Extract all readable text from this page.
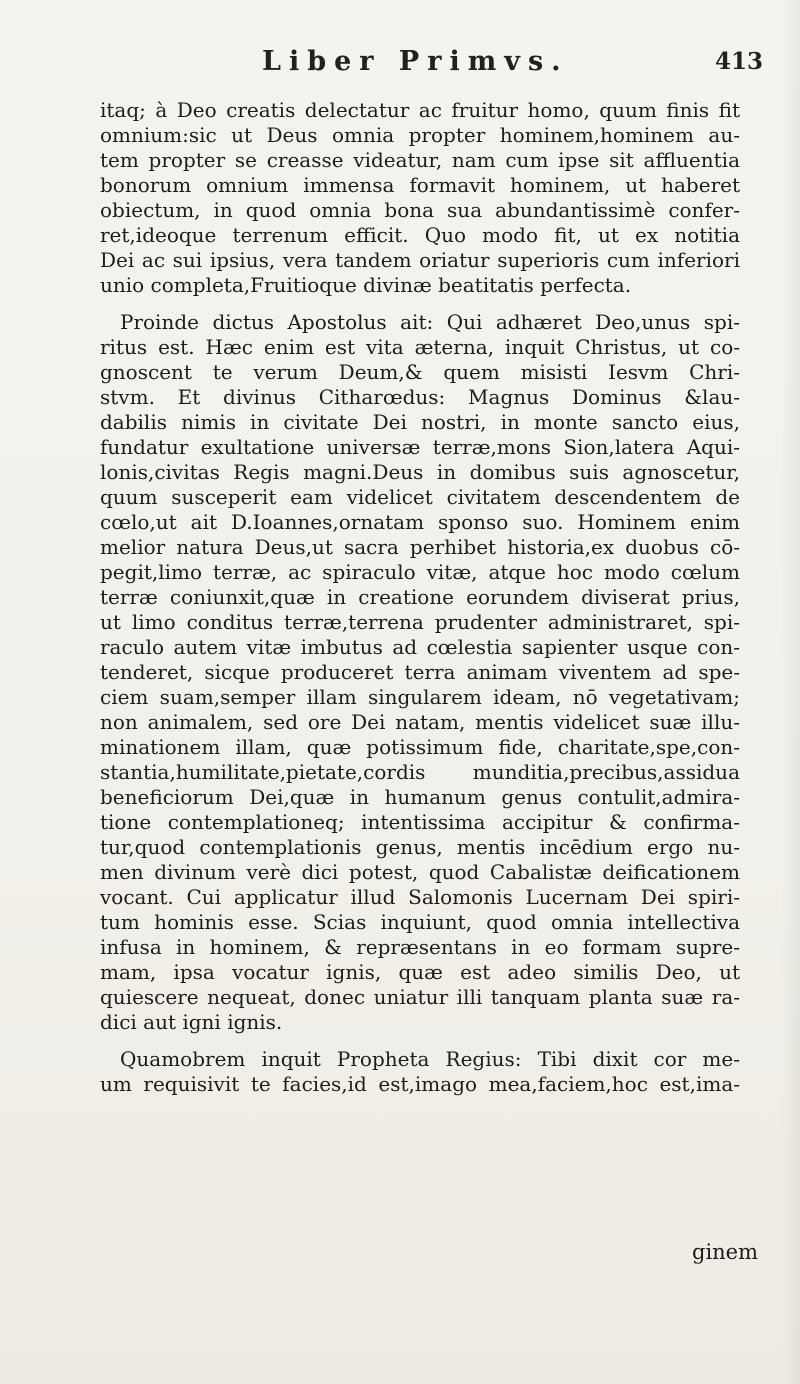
Liber Primvs.	413
itaq; à Deo creatis delectatur ac fruitur homo, quum finis fit
omnium:sic ut Deus omnia propter hominem,hominem au-
tem propter se creasse videatur, nam cum ipse sit affluentia
bonorum omnium immensa formavit hominem, ut haberet
obiectum, in quod omnia bona sua abundantissimè confer-
ret,ideoque terrenum efficit. Quo modo fit, ut ex notitia
Dei ac sui ipsius, vera tandem oriatur superioris cum inferiori
unio completa,Fruitioque divinæ beatitatis perfecta.
Proinde dictus Apostolus ait: Qui adhæret Deo,unus spi-
ritus est. Hæc enim est vita æterna, inquit Christus, ut co-
gnoscent te verum Deum,& quem misisti Iesvm Chri-
stvm. Et divinus Citharœdus: Magnus Dominus &lau-
dabilis nimis in civitate Dei nostri, in monte sancto eius,
fundatur exultatione universæ terræ,mons Sion,latera Aqui-
lonis,civitas Regis magni.Deus in domibus suis agnoscetur,
quum susceperit eam videlicet civitatem descendentem de
cœlo,ut ait D.Ioannes,ornatam sponso suo. Hominem enim
melior natura Deus,ut sacra perhibet historia,ex duobus cō-
pegit,limo terræ, ac spiraculo vitæ, atque hoc modo cœlum
terræ coniunxit,quæ in creatione eorundem diviserat prius,
ut limo conditus terræ,terrena prudenter administraret, spi-
raculo autem vitæ imbutus ad cœlestia sapienter usque con-
tenderet, sicque produceret terra animam viventem ad spe-
ciem suam,semper illam singularem ideam, nō vegetativam;
non animalem, sed ore Dei natam, mentis videlicet suæ illu-
minationem illam, quæ potissimum fide, charitate,spe,con-
stantia,humilitate,pietate,cordis munditia,precibus,assidua
beneficiorum Dei,quæ in humanum genus contulit,admira-
tione contemplationeq; intentissima accipitur & confirma-
tur,quod contemplationis genus, mentis incēdium ergo nu-
men divinum verè dici potest, quod Cabalistæ deificationem
vocant. Cui applicatur illud Salomonis Lucernam Dei spiri-
tum hominis esse. Scias inquiunt, quod omnia intellectiva
infusa in hominem, & repræsentans in eo formam supre-
mam, ipsa vocatur ignis, quæ est adeo similis Deo, ut
quiescere nequeat, donec uniatur illi tanquam planta suæ ra-
dici aut igni ignis.
Quamobrem inquit Propheta Regius: Tibi dixit cor me-
um requisivit te facies,id est,imago mea,faciem,hoc est,ima-
ginem
